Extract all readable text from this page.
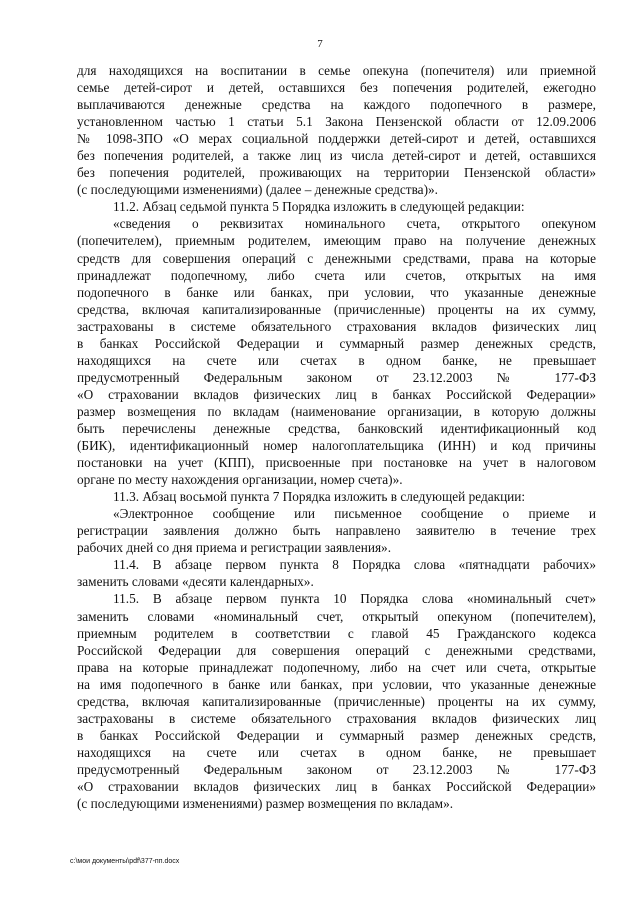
7
для находящихся на воспитании в семье опекуна (попечителя) или приемной
семье детей-сирот и детей, оставшихся без попечения родителей, ежегодно
выплачиваются денежные средства на каждого подопечного в размере,
установленном частью 1 статьи 5.1 Закона Пензенской области от 12.09.2006
№ 1098-ЗПО «О мерах социальной поддержки детей-сирот и детей, оставшихся
без попечения родителей, а также лиц из числа детей-сирот и детей, оставшихся
без попечения родителей, проживающих на территории Пензенской области»
(с последующими изменениями) (далее – денежные средства)».
11.2. Абзац седьмой пункта 5 Порядка изложить в следующей редакции:
«сведения о реквизитах номинального счета, открытого опекуном
(попечителем), приемным родителем, имеющим право на получение денежных
средств для совершения операций с денежными средствами, права на которые
принадлежат подопечному, либо счета или счетов, открытых на имя
подопечного в банке или банках, при условии, что указанные денежные
средства, включая капитализированные (причисленные) проценты на их сумму,
застрахованы в системе обязательного страхования вкладов физических лиц
в банках Российской Федерации и суммарный размер денежных средств,
находящихся на счете или счетах в одном банке, не превышает
предусмотренный Федеральным законом от 23.12.2003 № 177-ФЗ
«О страховании вкладов физических лиц в банках Российской Федерации»
размер возмещения по вкладам (наименование организации, в которую должны
быть перечислены денежные средства, банковский идентификационный код
(БИК), идентификационный номер налогоплательщика (ИНН) и код причины
постановки на учет (КПП), присвоенные при постановке на учет в налоговом
органе по месту нахождения организации, номер счета)».
11.3. Абзац восьмой пункта 7 Порядка изложить в следующей редакции:
«Электронное сообщение или письменное сообщение о приеме и
регистрации заявления должно быть направлено заявителю в течение трех
рабочих дней со дня приема и регистрации заявления».
11.4. В абзаце первом пункта 8 Порядка слова «пятнадцати рабочих»
заменить словами «десяти календарных».
11.5. В абзаце первом пункта 10 Порядка слова «номинальный счет»
заменить словами «номинальный счет, открытый опекуном (попечителем),
приемным родителем в соответствии с главой 45 Гражданского кодекса
Российской Федерации для совершения операций с денежными средствами,
права на которые принадлежат подопечному, либо на счет или счета, открытые
на имя подопечного в банке или банках, при условии, что указанные денежные
средства, включая капитализированные (причисленные) проценты на их сумму,
застрахованы в системе обязательного страхования вкладов физических лиц
в банках Российской Федерации и суммарный размер денежных средств,
находящихся на счете или счетах в одном банке, не превышает
предусмотренный Федеральным законом от 23.12.2003 № 177-ФЗ
«О страховании вкладов физических лиц в банках Российской Федерации»
(с последующими изменениями) размер возмещения по вкладам».
c:\мои документы\pdf\377-пп.docx
